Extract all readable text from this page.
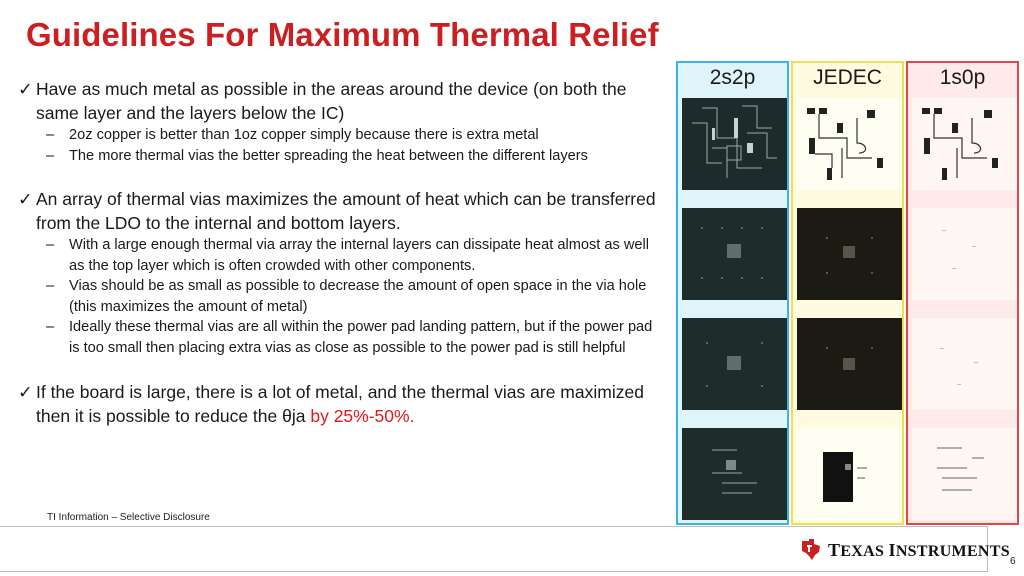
Guidelines For Maximum Thermal Relief
✓ Have as much metal as possible in the areas around the device (on both the same layer and the layers below the IC)
– 2oz copper is better than 1oz copper simply because there is extra metal
– The more thermal vias the better spreading the heat between the different layers
✓ An array of thermal vias maximizes the amount of heat which can be transferred from the LDO to the internal and bottom layers.
– With a large enough thermal via array the internal layers can dissipate heat almost as well as the top layer which is often crowded with other components.
– Vias should be as small as possible to decrease the amount of open space in the via hole (this maximizes the amount of metal)
– Ideally these thermal vias are all within the power pad landing pattern, but if the power pad is too small then placing extra vias as close as possible to the power pad is still helpful
✓ If the board is large, there is a lot of metal, and the thermal vias are maximized then it is possible to reduce the θja by 25%-50%.
2s2p	JEDEC	1s0p
TI Information – Selective Disclosure
TEXAS INSTRUMENTS
6
